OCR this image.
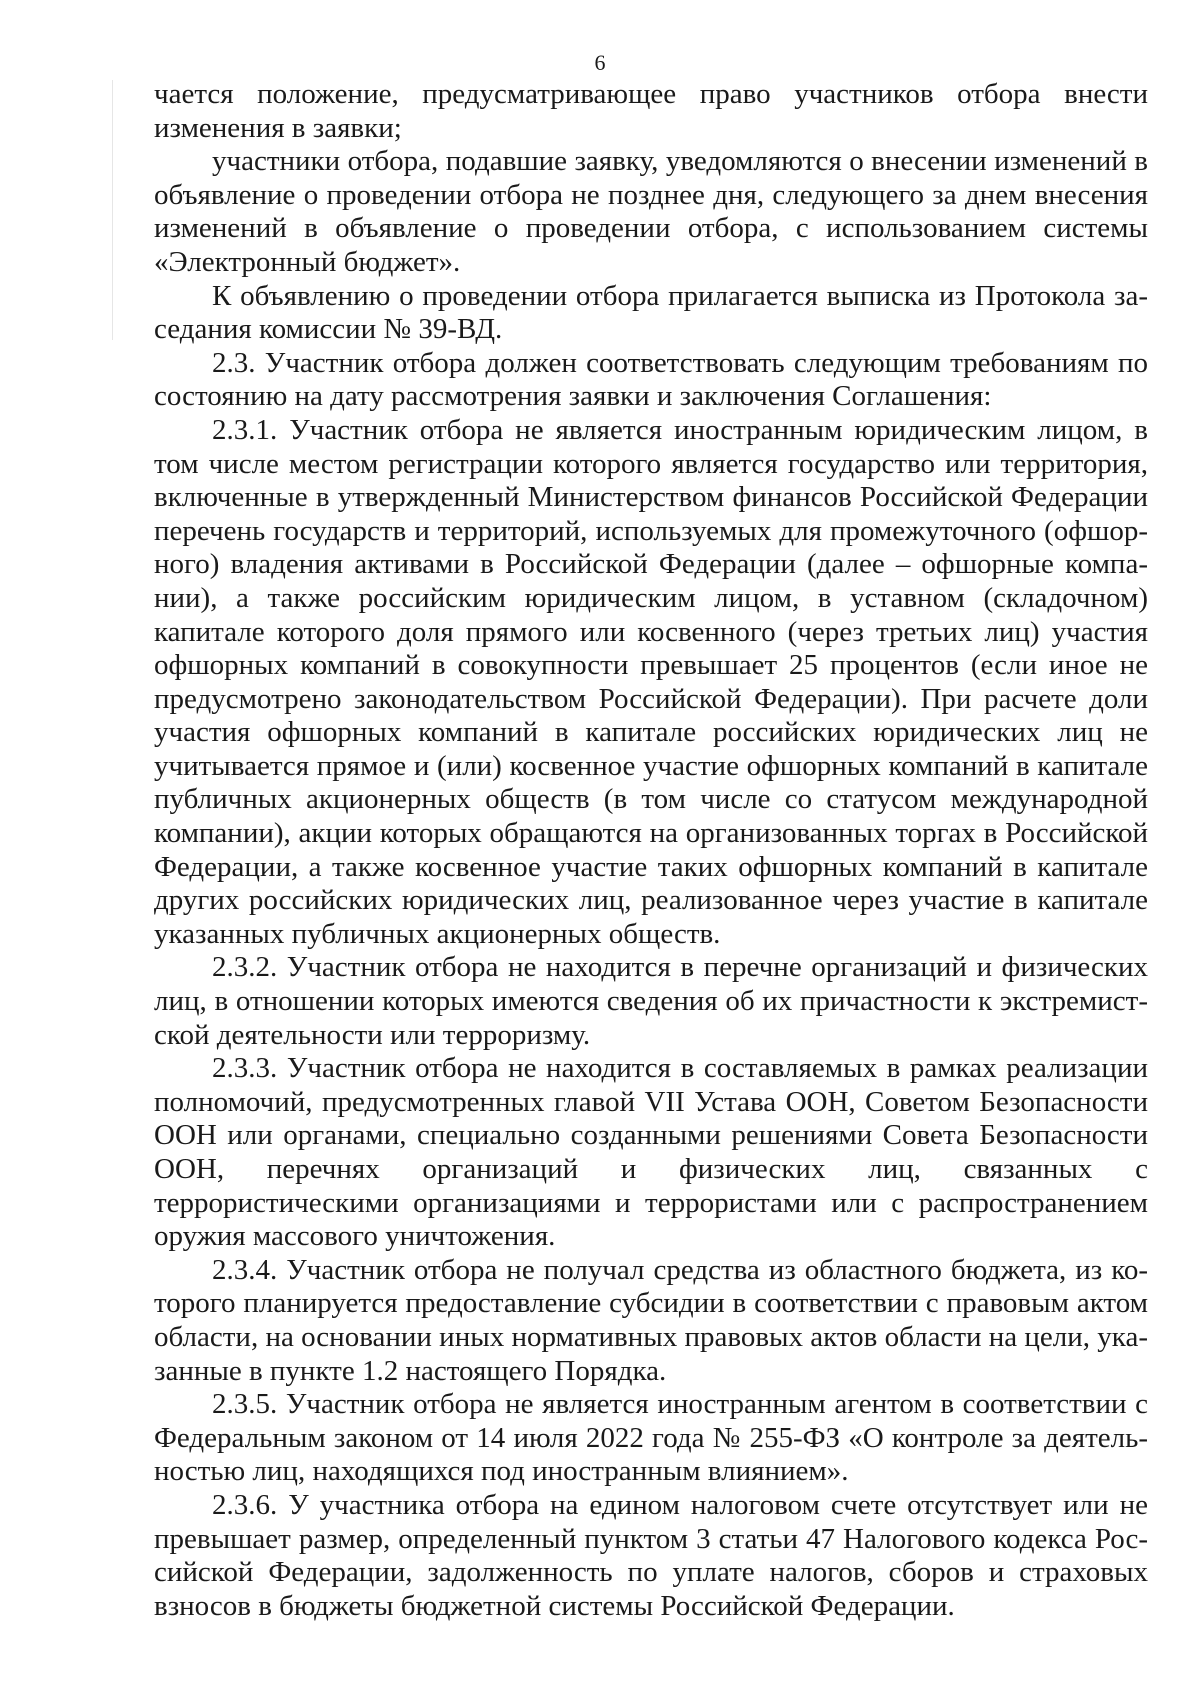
6

чается положение, предусматривающее право участников отбора внести изменения в заявки;

участники отбора, подавшие заявку, уведомляются о внесении изменений в объявление о проведении отбора не позднее дня, следующего за днем внесения изменений в объявление о проведении отбора, с использованием системы «Электронный бюджет».

К объявлению о проведении отбора прилагается выписка из Протокола заседания комиссии № 39-ВД.

2.3. Участник отбора должен соответствовать следующим требованиям по состоянию на дату рассмотрения заявки и заключения Соглашения:

2.3.1. Участник отбора не является иностранным юридическим лицом, в том числе местом регистрации которого является государство или территория, включенные в утвержденный Министерством финансов Российской Федерации перечень государств и территорий, используемых для промежуточного (офшорного) владения активами в Российской Федерации (далее – офшорные компании), а также российским юридическим лицом, в уставном (складочном) капитале которого доля прямого или косвенного (через третьих лиц) участия офшорных компаний в совокупности превышает 25 процентов (если иное не предусмотрено законодательством Российской Федерации). При расчете доли участия офшорных компаний в капитале российских юридических лиц не учитывается прямое и (или) косвенное участие офшорных компаний в капитале публичных акционерных обществ (в том числе со статусом международной компании), акции которых обращаются на организованных торгах в Российской Федерации, а также косвенное участие таких офшорных компаний в капитале других российских юридических лиц, реализованное через участие в капитале указанных публичных акционерных обществ.

2.3.2. Участник отбора не находится в перечне организаций и физических лиц, в отношении которых имеются сведения об их причастности к экстремистской деятельности или терроризму.

2.3.3. Участник отбора не находится в составляемых в рамках реализации полномочий, предусмотренных главой VII Устава ООН, Советом Безопасности ООН или органами, специально созданными решениями Совета Безопасности ООН, перечнях организаций и физических лиц, связанных с террористическими организациями и террористами или с распространением оружия массового уничтожения.

2.3.4. Участник отбора не получал средства из областного бюджета, из которого планируется предоставление субсидии в соответствии с правовым актом области, на основании иных нормативных правовых актов области на цели, указанные в пункте 1.2 настоящего Порядка.

2.3.5. Участник отбора не является иностранным агентом в соответствии с Федеральным законом от 14 июля 2022 года № 255-ФЗ «О контроле за деятельностью лиц, находящихся под иностранным влиянием».

2.3.6. У участника отбора на едином налоговом счете отсутствует или не превышает размер, определенный пунктом 3 статьи 47 Налогового кодекса Российской Федерации, задолженность по уплате налогов, сборов и страховых взносов в бюджеты бюджетной системы Российской Федерации.
